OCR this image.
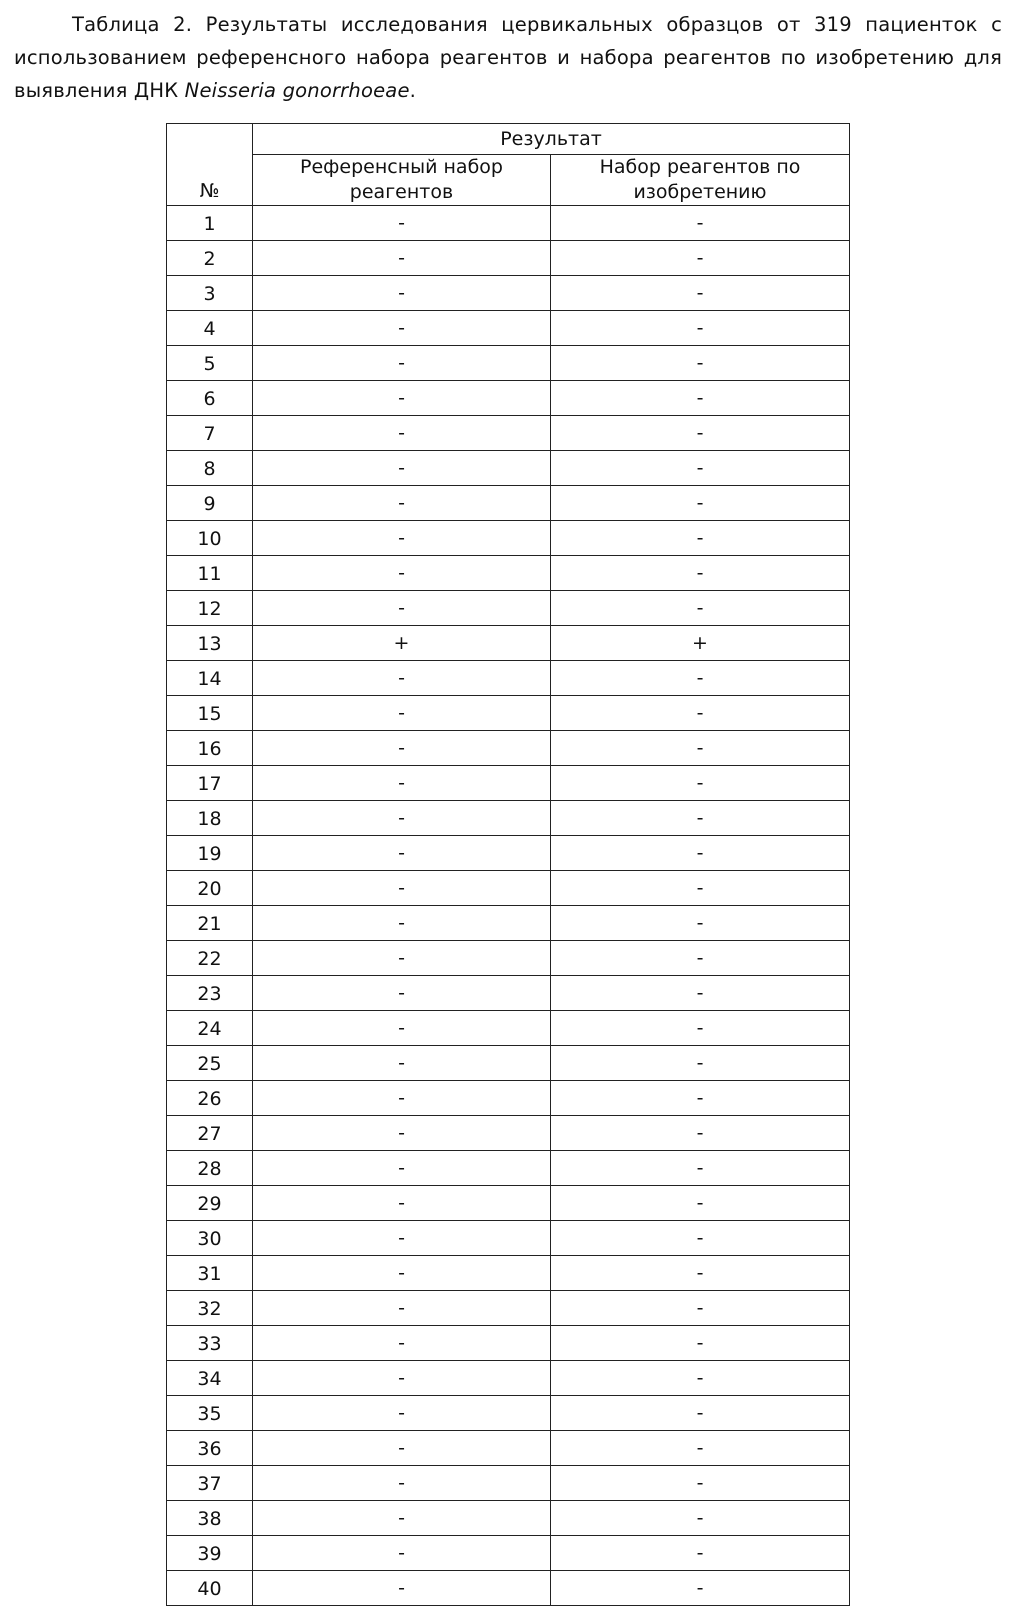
Таблица 2. Результаты исследования цервикальных образцов от 319 пациенток с использованием референсного набора реагентов и набора реагентов по изобретению для выявления ДНК Neisseria gonorrhoeae.
№	Результат
Референсный набор реагентов	Набор реагентов по изобретению
1	-	-
2	-	-
3	-	-
4	-	-
5	-	-
6	-	-
7	-	-
8	-	-
9	-	-
10	-	-
11	-	-
12	-	-
13	+	+
14	-	-
15	-	-
16	-	-
17	-	-
18	-	-
19	-	-
20	-	-
21	-	-
22	-	-
23	-	-
24	-	-
25	-	-
26	-	-
27	-	-
28	-	-
29	-	-
30	-	-
31	-	-
32	-	-
33	-	-
34	-	-
35	-	-
36	-	-
37	-	-
38	-	-
39	-	-
40	-	-
